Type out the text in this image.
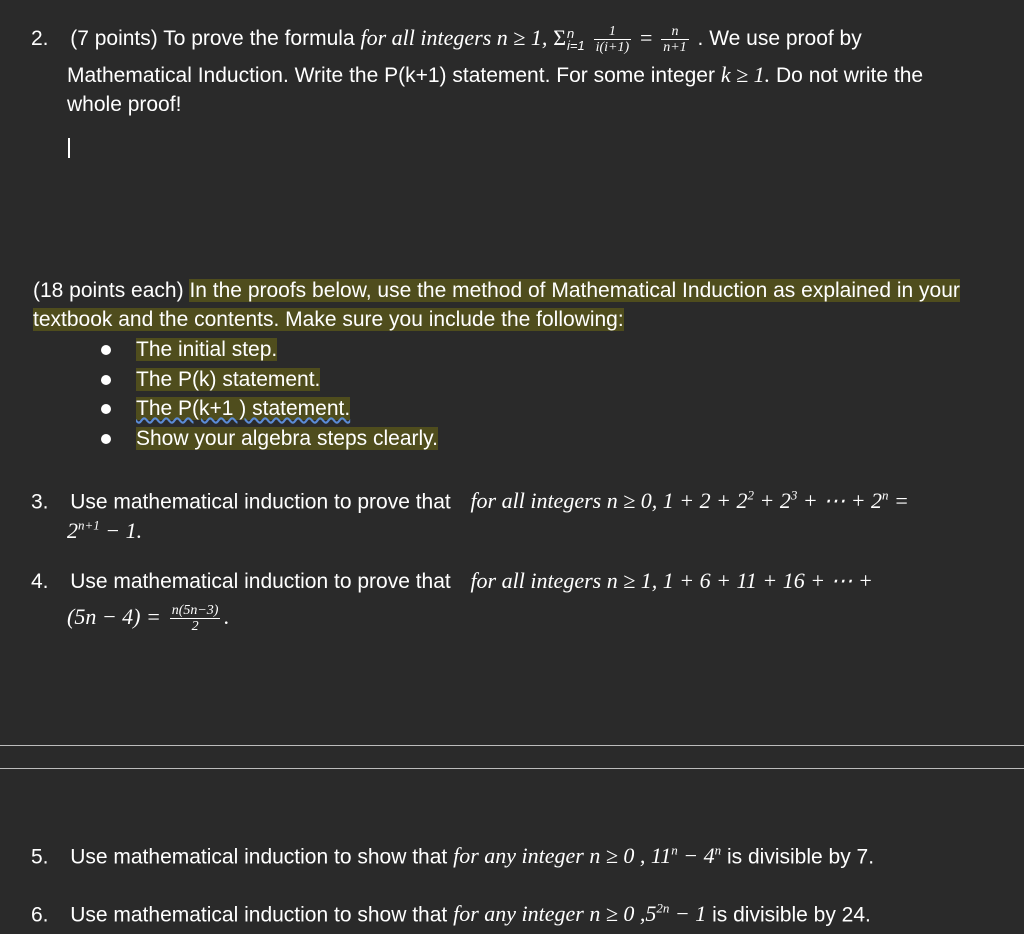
2. (7 points) To prove the formula for all integers n ≥ 1, Σ n
i=1
$\frac{1}{i(i+1)} = \frac{n}{n+1}$ . We use proof by
Mathematical Induction. Write the P(k+1) statement. For some integer k ≥ 1. Do not write the
whole proof!
(18 points each) In the proofs below, use the method of Mathematical Induction as explained in your
textbook and the contents. Make sure you include the following:
The initial step.
The P(k) statement.
The P(k+1 ) statement.
Show your algebra steps clearly.
3. Use mathematical induction to prove that for all integers n ≥ 0, $1 + 2 + 2^2 + 2^3$ + ⋯ + $2^n$ =
$2^{n+1} - 1$.
4. Use mathematical induction to prove that for all integers n ≥ 1, 1 + 6 + 11 + 16 + ⋯ +
$(5n - 4) = \frac{n(5n-3)}{2}$ .
5. Use mathematical induction to show that for any integer n ≥ 0 , $11^n - 4^n$ is divisible by 7.
6. Use mathematical induction to show that for any integer n ≥ 0 $,5^{2n} - 1$ is divisible by 24.
